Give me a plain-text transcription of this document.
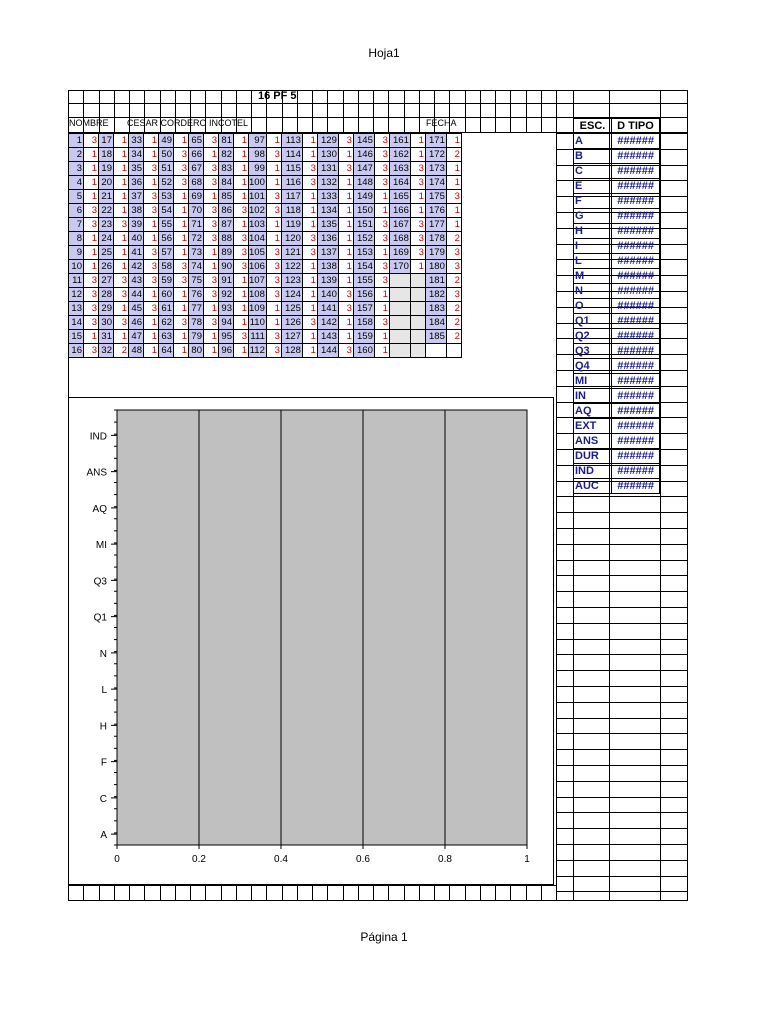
Hoja1
16 PF 5
NOMBRE CESAR CORDERO INCOTEL	FECHA
1	3	17	1	33	1	49	1	65	3	81	1	97	1	113	1	129	3	145	3	161	1	171	1
2	1	18	1	34	1	50	3	66	1	82	1	98	3	114	1	130	1	146	3	162	1	172	2
3	1	19	1	35	3	51	3	67	3	83	1	99	1	115	3	131	3	147	3	163	3	173	1
4	1	20	1	36	1	52	3	68	3	84	1	100	1	116	3	132	1	148	3	164	3	174	1
5	1	21	1	37	3	53	1	69	1	85	1	101	3	117	1	133	1	149	1	165	1	175	3
6	3	22	1	38	3	54	1	70	3	86	3	102	3	118	1	134	1	150	1	166	1	176	1
7	3	23	3	39	1	55	1	71	3	87	1	103	1	119	1	135	1	151	3	167	3	177	1
8	1	24	1	40	1	56	1	72	3	88	3	104	1	120	3	136	1	152	3	168	3	178	2
9	1	25	1	41	3	57	1	73	1	89	3	105	3	121	3	137	1	153	1	169	3	179	3
10	1	26	1	42	3	58	3	74	1	90	3	106	3	122	1	138	1	154	3	170	1	180	3
11	3	27	3	43	3	59	3	75	3	91	1	107	3	123	1	139	1	155	3			181	2
12	3	28	3	44	1	60	1	76	3	92	1	108	3	124	1	140	3	156	1			182	3
13	3	29	1	45	3	61	1	77	1	93	1	109	1	125	1	141	3	157	1			183	2
14	3	30	3	46	1	62	3	78	3	94	1	110	1	126	3	142	1	158	3			184	2
15	1	31	1	47	1	63	1	79	1	95	3	111	3	127	1	143	1	159	1			185	2
16	3	32	2	48	1	64	1	80	1	96	1	112	3	128	1	144	3	160	1				
ESC.	D TIPO
A	######
B	######
C	######
E	######
F	######
G	######
H	######
I	######
L	######
M	######
N	######
O	######
Q1	######
Q2	######
Q3	######
Q4	######
MI	######
IN	######
AQ	######
EXT	######
ANS	######
DUR	######
IND	######
AUC	######
0	0.2	0.4	0.6	0.8	1
IND
ANS
AQ
MI
Q3
Q1
N
L
H
F
C
A
Página 1
